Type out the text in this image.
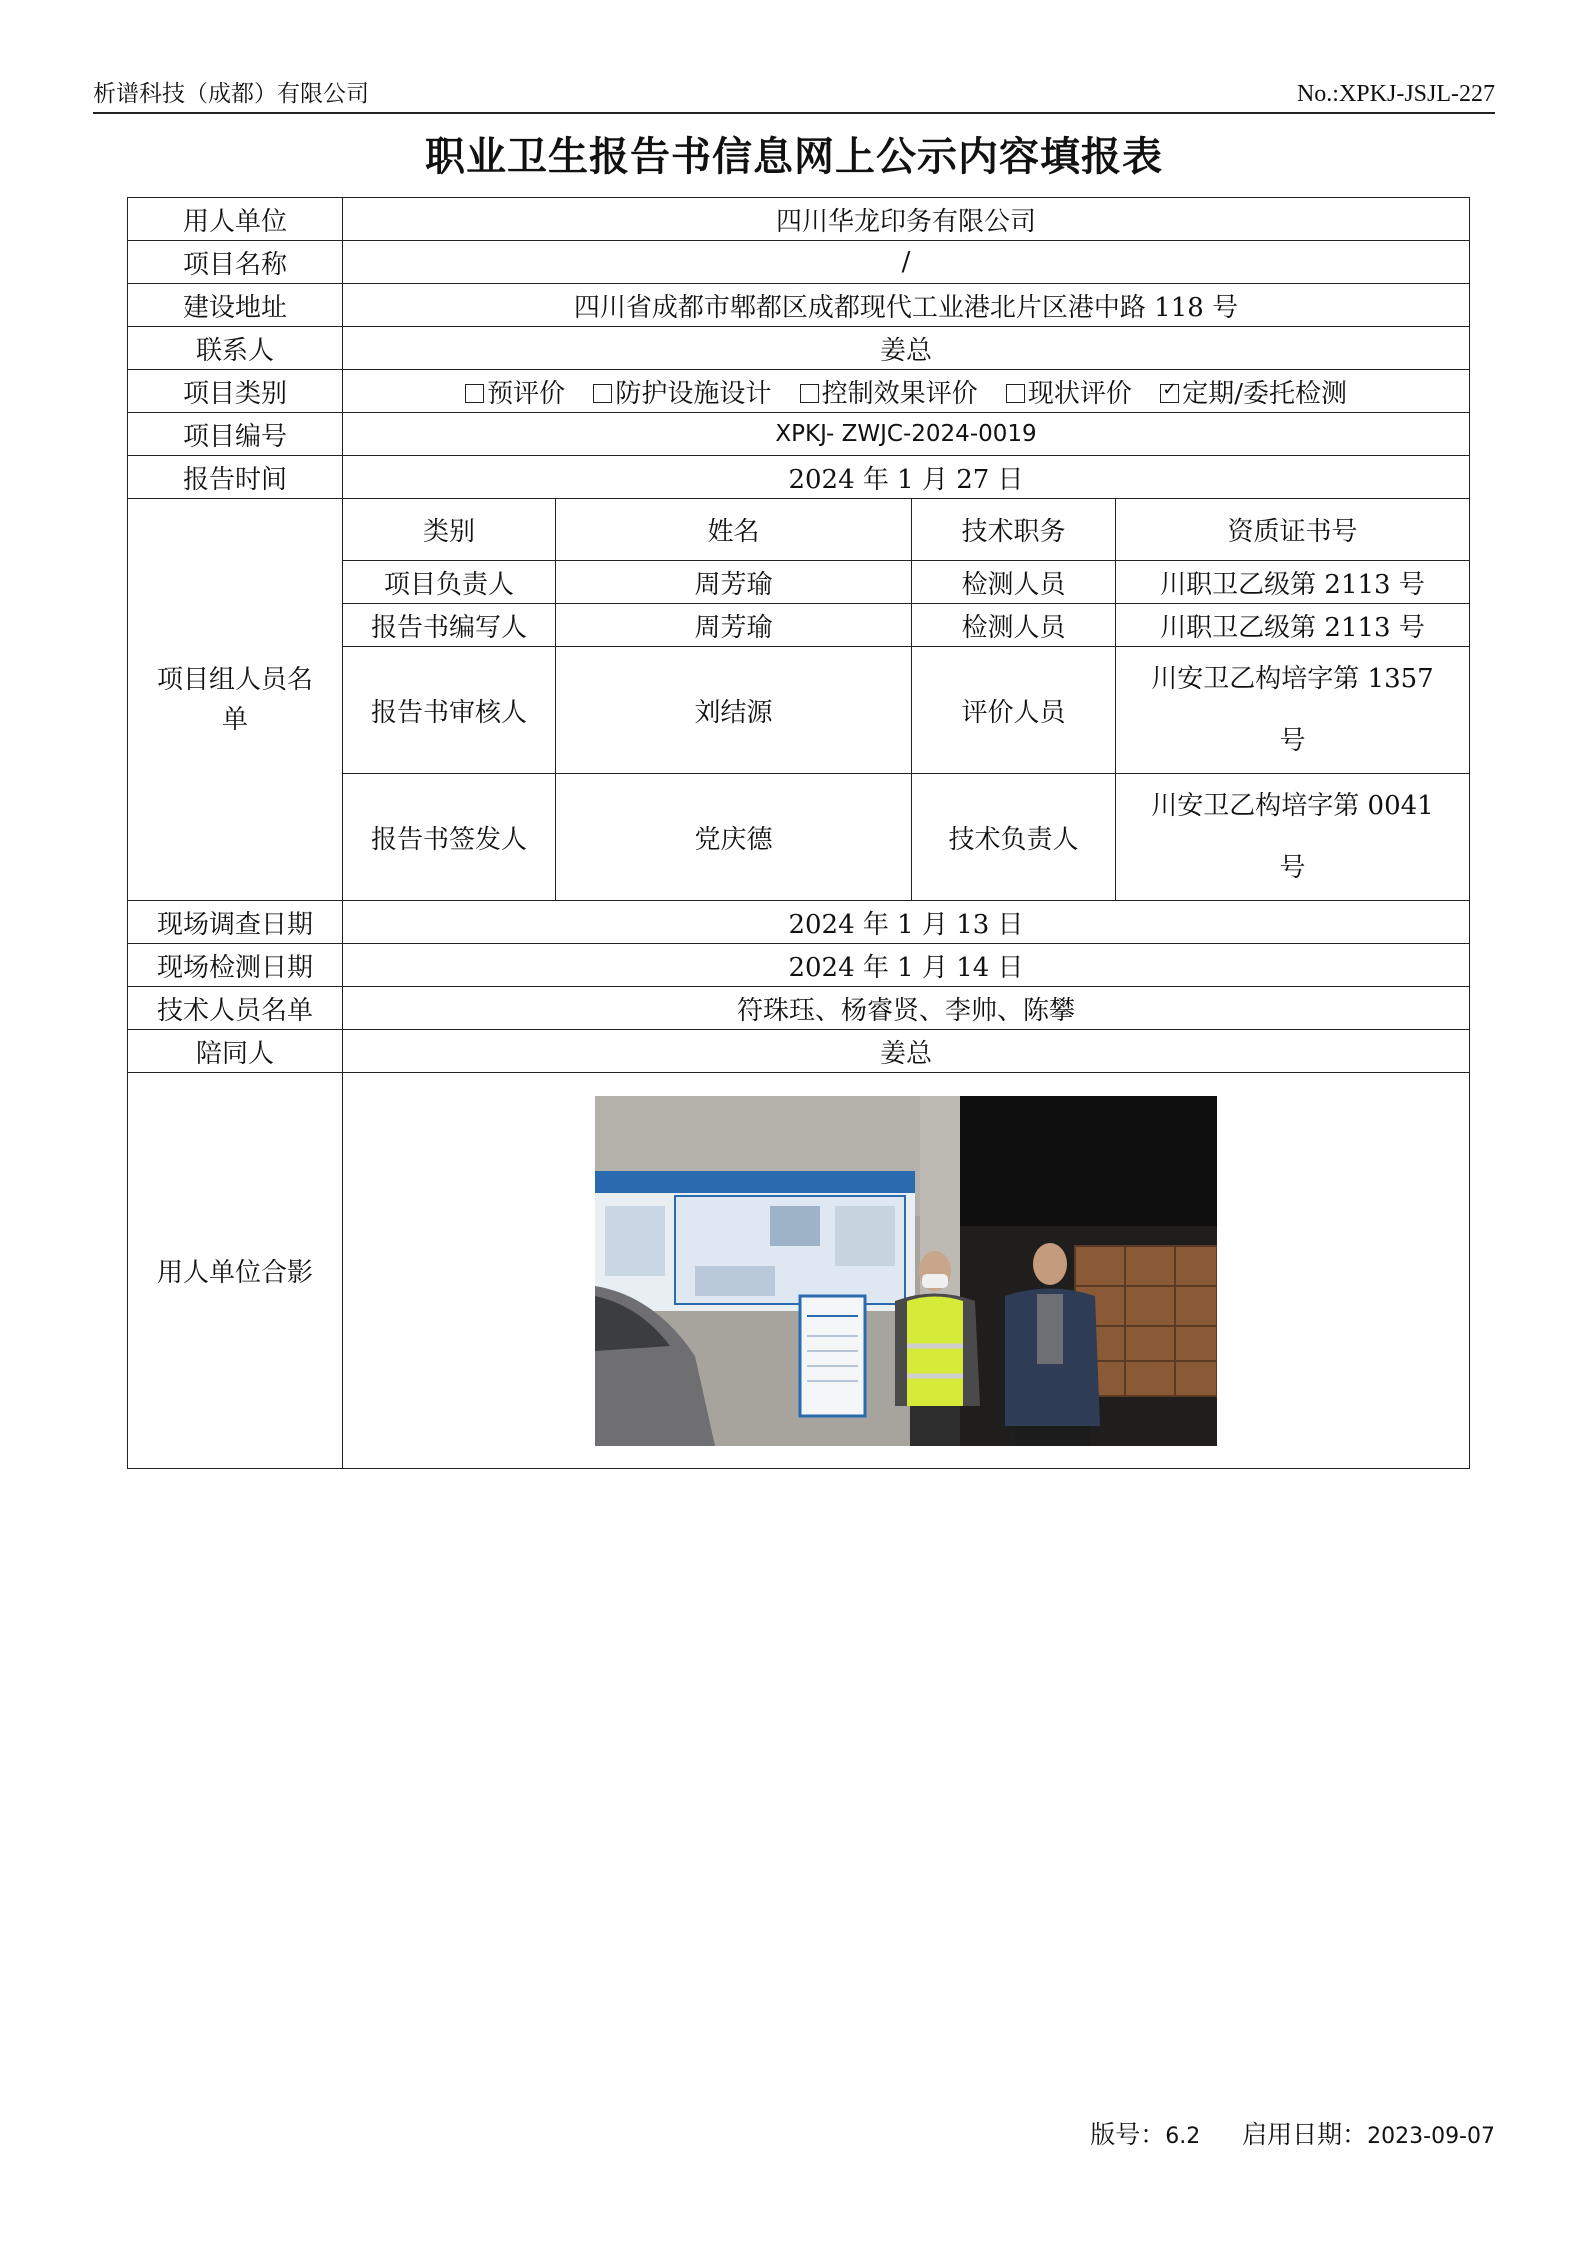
析谱科技（成都）有限公司	No.:XPKJ-JSJL-227
职业卫生报告书信息网上公示内容填报表
用人单位	四川华龙印务有限公司			
项目名称	/			
建设地址	四川省成都市郫都区成都现代工业港北片区港中路 118 号			
联系人	姜总			
项目类别	预评价 防护设施设计 控制效果评价 现状评价 ✓ 定期/委托检测
项目编号	XPKJ- ZWJC-2024-0019			
报告时间	2024 年 1 月 27 日			
项目组人员名单	类别	姓名	技术职务	资质证书号
	项目负责人	周芳瑜	检测人员	川职卫乙级第 2113 号
	报告书编写人	周芳瑜	检测人员	川职卫乙级第 2113 号
	报告书审核人	刘结源	评价人员	川安卫乙构培字第 1357
号

	报告书签发人	党庆德	技术负责人	川安卫乙构培字第 0041
号

现场调查日期	2024 年 1 月 13 日			
现场检测日期	2024 年 1 月 14 日			
技术人员名单	符珠珏、杨睿贤、李帅、陈攀			
陪同人	姜总			
用人单位合影	
版号：6.2 启用日期：2023-09-07
